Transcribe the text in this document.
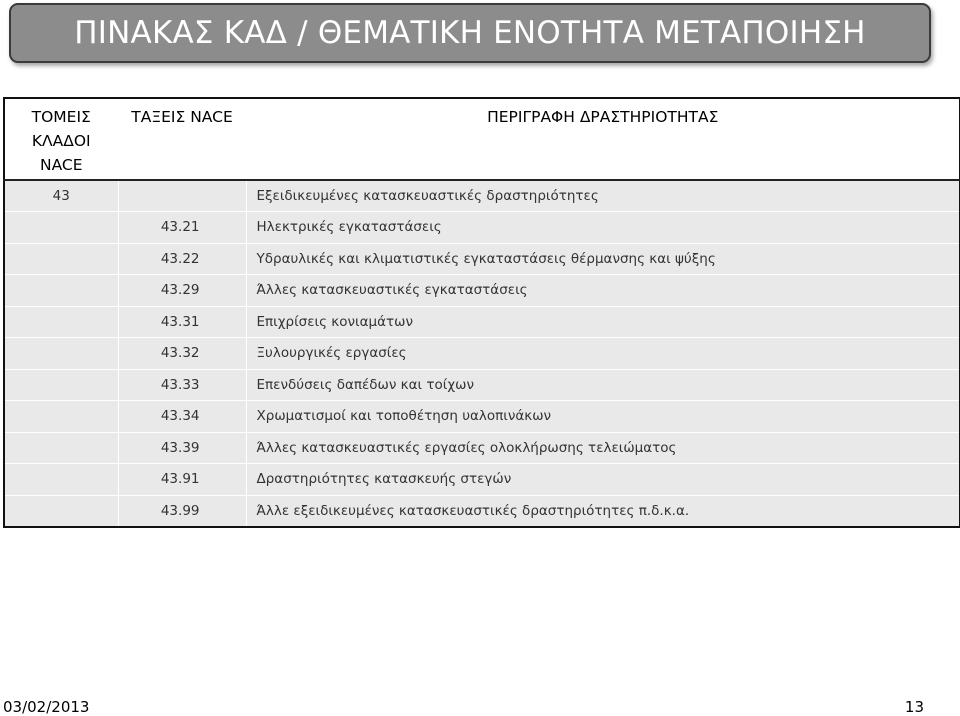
ΠΙΝΑΚΑΣ ΚΑΔ / ΘΕΜΑΤΙΚΗ ΕΝΟΤΗΤΑ ΜΕΤΑΠΟΙΗΣΗ
ΤΟΜΕΙΣ
ΚΛΑΔΟΙ
NACE	ΤΑΞΕΙΣ NACE	ΠΕΡΙΓΡΑΦΗ ΔΡΑΣΤΗΡΙΟΤΗΤΑΣ
43		Εξειδικευμένες κατασκευαστικές δραστηριότητες
	43.21	Ηλεκτρικές εγκαταστάσεις
	43.22	Υδραυλικές και κλιματιστικές εγκαταστάσεις θέρμανσης και ψύξης
	43.29	Άλλες κατασκευαστικές εγκαταστάσεις
	43.31	Επιχρίσεις κονιαμάτων
	43.32	Ξυλουργικές εργασίες
	43.33	Επενδύσεις δαπέδων και τοίχων
	43.34	Χρωματισμοί και τοποθέτηση υαλοπινάκων
	43.39	Άλλες κατασκευαστικές εργασίες ολοκλήρωσης τελειώματος
	43.91	Δραστηριότητες κατασκευής στεγών
	43.99	Άλλε εξειδικευμένες κατασκευαστικές δραστηριότητες π.δ.κ.α.
03/02/2013	13
